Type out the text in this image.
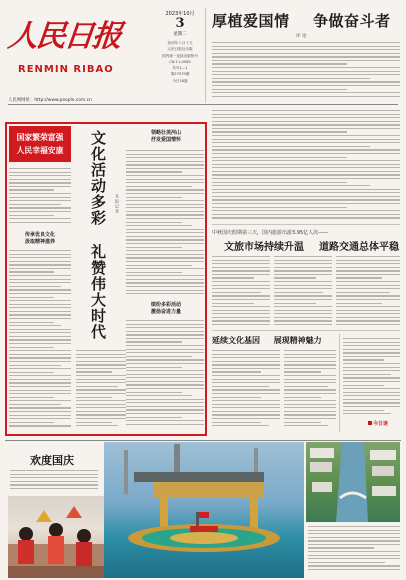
人民日报
RENMIN RIBAO
人民网网址：http://www.people.com.cn
2023年10月
3
星期二
癸卯年八月十九
人民日报社出版
国内统一连续出版物号
CN 11-0065
代号1—1
第27579期
今日16版
厚植爱国情 争做奋斗者
评 论
国家繁荣富强
人民幸福安康
传承优良文化
汲取精神滋养
文化活动多彩
礼赞伟大时代
本报记者
领略壮美河山
抒发爱国情怀
缤纷多彩活动
激扬奋进力量
中秋国庆假期第三天，国内旅游出游3.95亿人次——
文旅市场持续升温 道路交通总体平稳
延续文化基因 展现精神魅力
今日谈
欢度国庆
